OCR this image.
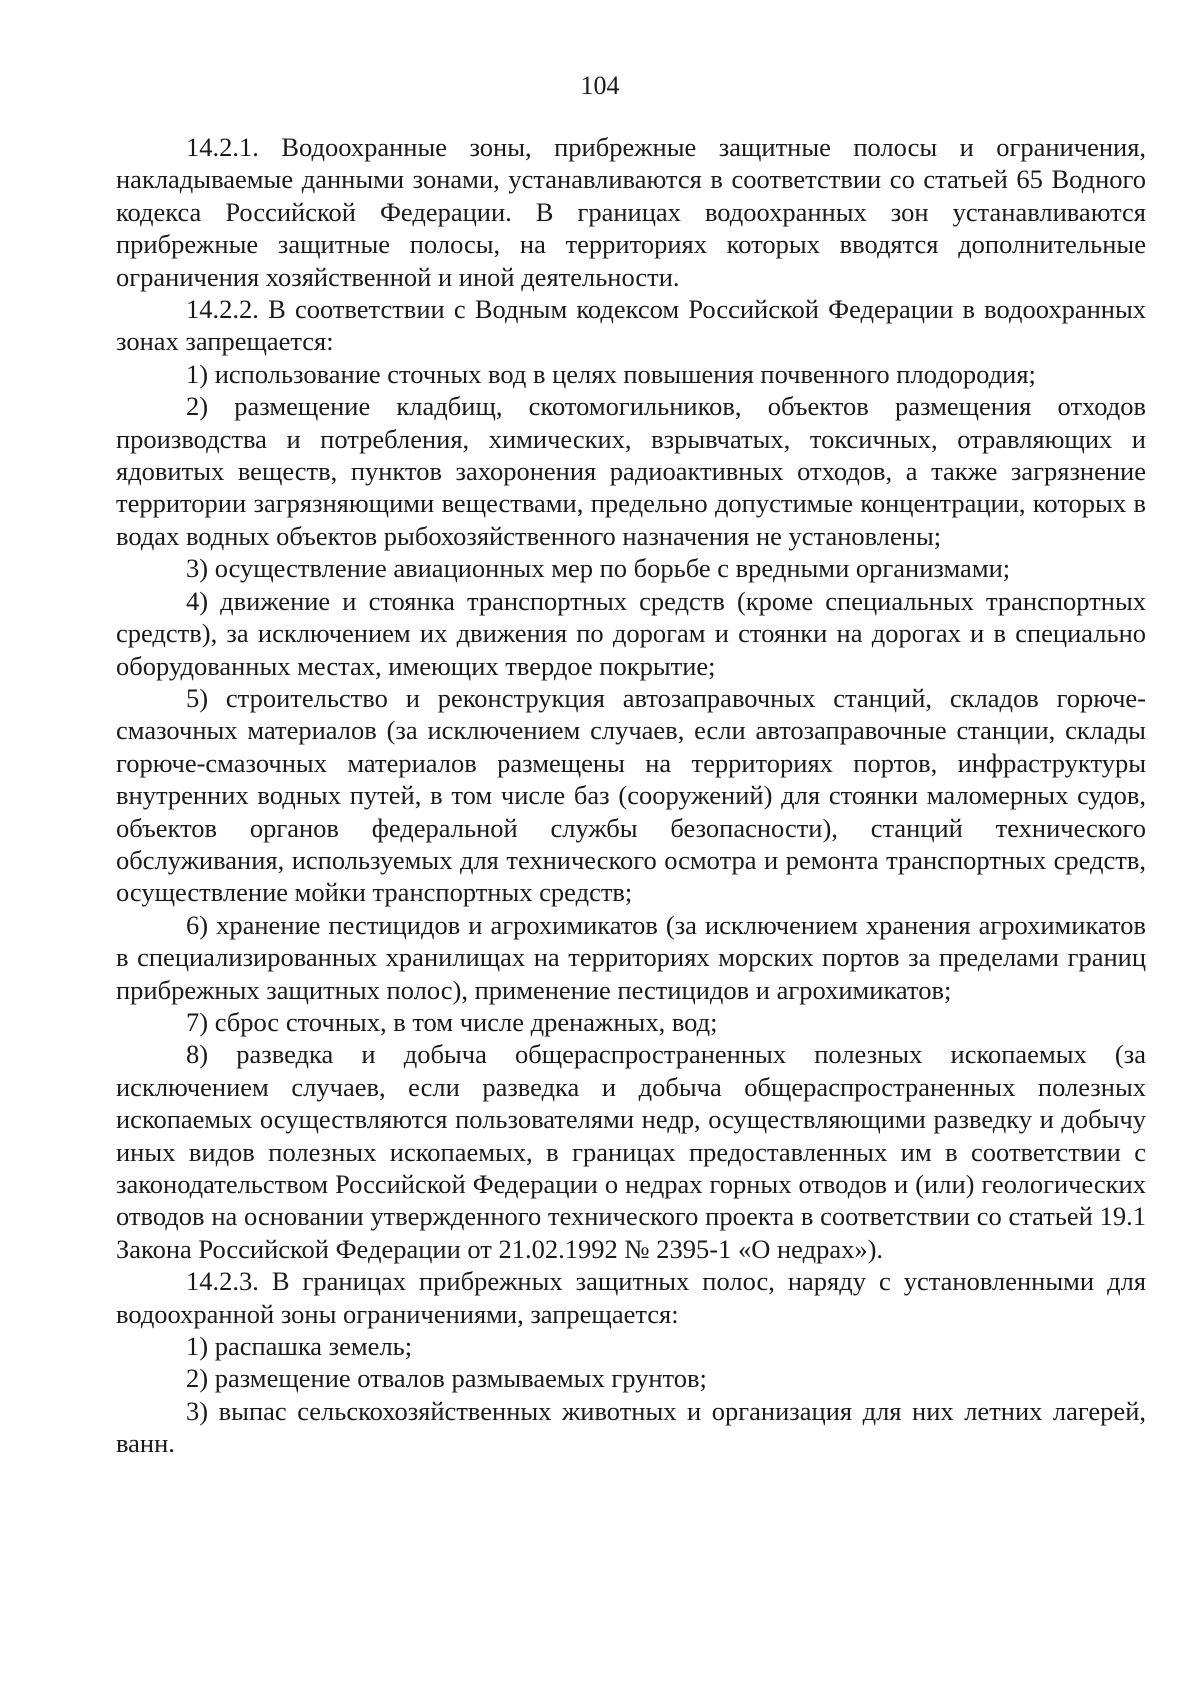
104

14.2.1. Водоохранные зоны, прибрежные защитные полосы и ограничения, накладываемые данными зонами, устанавливаются в соответствии со статьей 65 Водного кодекса Российской Федерации. В границах водоохранных зон устанавливаются прибрежные защитные полосы, на территориях которых вводятся дополнительные ограничения хозяйственной и иной деятельности.

14.2.2. В соответствии с Водным кодексом Российской Федерации в водоохранных зонах запрещается:

1) использование сточных вод в целях повышения почвенного плодородия;

2) размещение кладбищ, скотомогильников, объектов размещения отходов производства и потребления, химических, взрывчатых, токсичных, отравляющих и ядовитых веществ, пунктов захоронения радиоактивных отходов, а также загрязнение территории загрязняющими веществами, предельно допустимые концентрации, которых в водах водных объектов рыбохозяйственного назначения не установлены;

3) осуществление авиационных мер по борьбе с вредными организмами;

4) движение и стоянка транспортных средств (кроме специальных транспортных средств), за исключением их движения по дорогам и стоянки на дорогах и в специально оборудованных местах, имеющих твердое покрытие;

5) строительство и реконструкция автозаправочных станций, складов горюче-смазочных материалов (за исключением случаев, если автозаправочные станции, склады горюче-смазочных материалов размещены на территориях портов, инфраструктуры внутренних водных путей, в том числе баз (сооружений) для стоянки маломерных судов, объектов органов федеральной службы безопасности), станций технического обслуживания, используемых для технического осмотра и ремонта транспортных средств, осуществление мойки транспортных средств;

6) хранение пестицидов и агрохимикатов (за исключением хранения агрохимикатов в специализированных хранилищах на территориях морских портов за пределами границ прибрежных защитных полос), применение пестицидов и агрохимикатов;

7) сброс сточных, в том числе дренажных, вод;

8) разведка и добыча общераспространенных полезных ископаемых (за исключением случаев, если разведка и добыча общераспространенных полезных ископаемых осуществляются пользователями недр, осуществляющими разведку и добычу иных видов полезных ископаемых, в границах предоставленных им в соответствии с законодательством Российской Федерации о недрах горных отводов и (или) геологических отводов на основании утвержденного технического проекта в соответствии со статьей 19.1 Закона Российской Федерации от 21.02.1992 № 2395-1 «О недрах»).

14.2.3. В границах прибрежных защитных полос, наряду с установленными для водоохранной зоны ограничениями, запрещается:

1) распашка земель;

2) размещение отвалов размываемых грунтов;

3) выпас сельскохозяйственных животных и организация для них летних лагерей, ванн.
